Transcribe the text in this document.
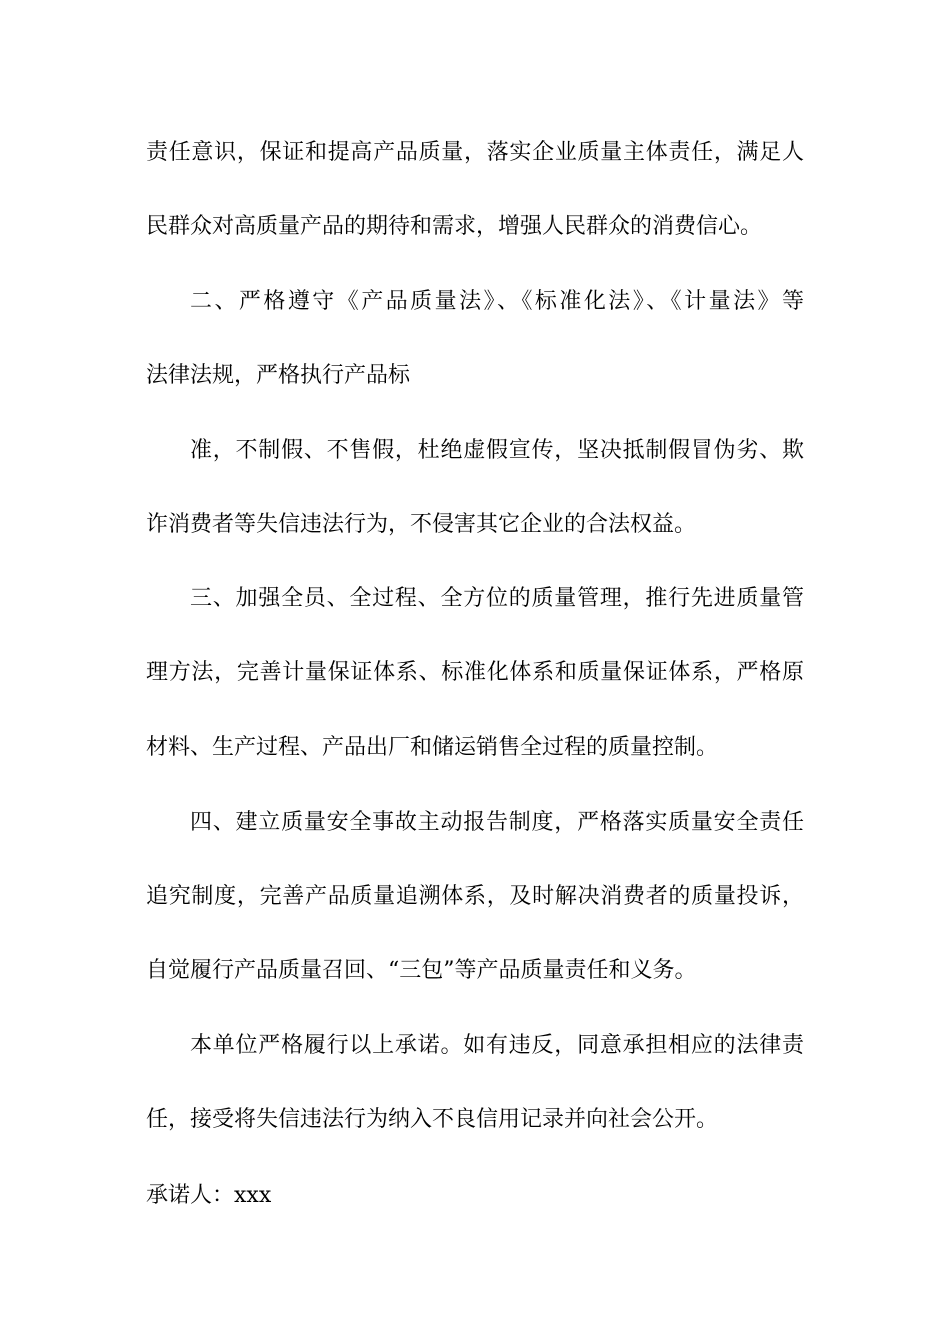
责任意识，保证和提高产品质量，落实企业质量主体责任，满足人
民群众对高质量产品的期待和需求，增强人民群众的消费信心。
二、严格遵守《产品质量法》、《标准化法》、《计量法》等
法律法规，严格执行产品标
准，不制假、不售假，杜绝虚假宣传，坚决抵制假冒伪劣、欺
诈消费者等失信违法行为，不侵害其它企业的合法权益。
三、加强全员、全过程、全方位的质量管理，推行先进质量管
理方法，完善计量保证体系、标准化体系和质量保证体系，严格原
材料、生产过程、产品出厂和储运销售全过程的质量控制。
四、建立质量安全事故主动报告制度，严格落实质量安全责任
追究制度，完善产品质量追溯体系，及时解决消费者的质量投诉，
自觉履行产品质量召回、“三包”等产品质量责任和义务。
本单位严格履行以上承诺。如有违反，同意承担相应的法律责
任，接受将失信违法行为纳入不良信用记录并向社会公开。
承诺人：xxx
